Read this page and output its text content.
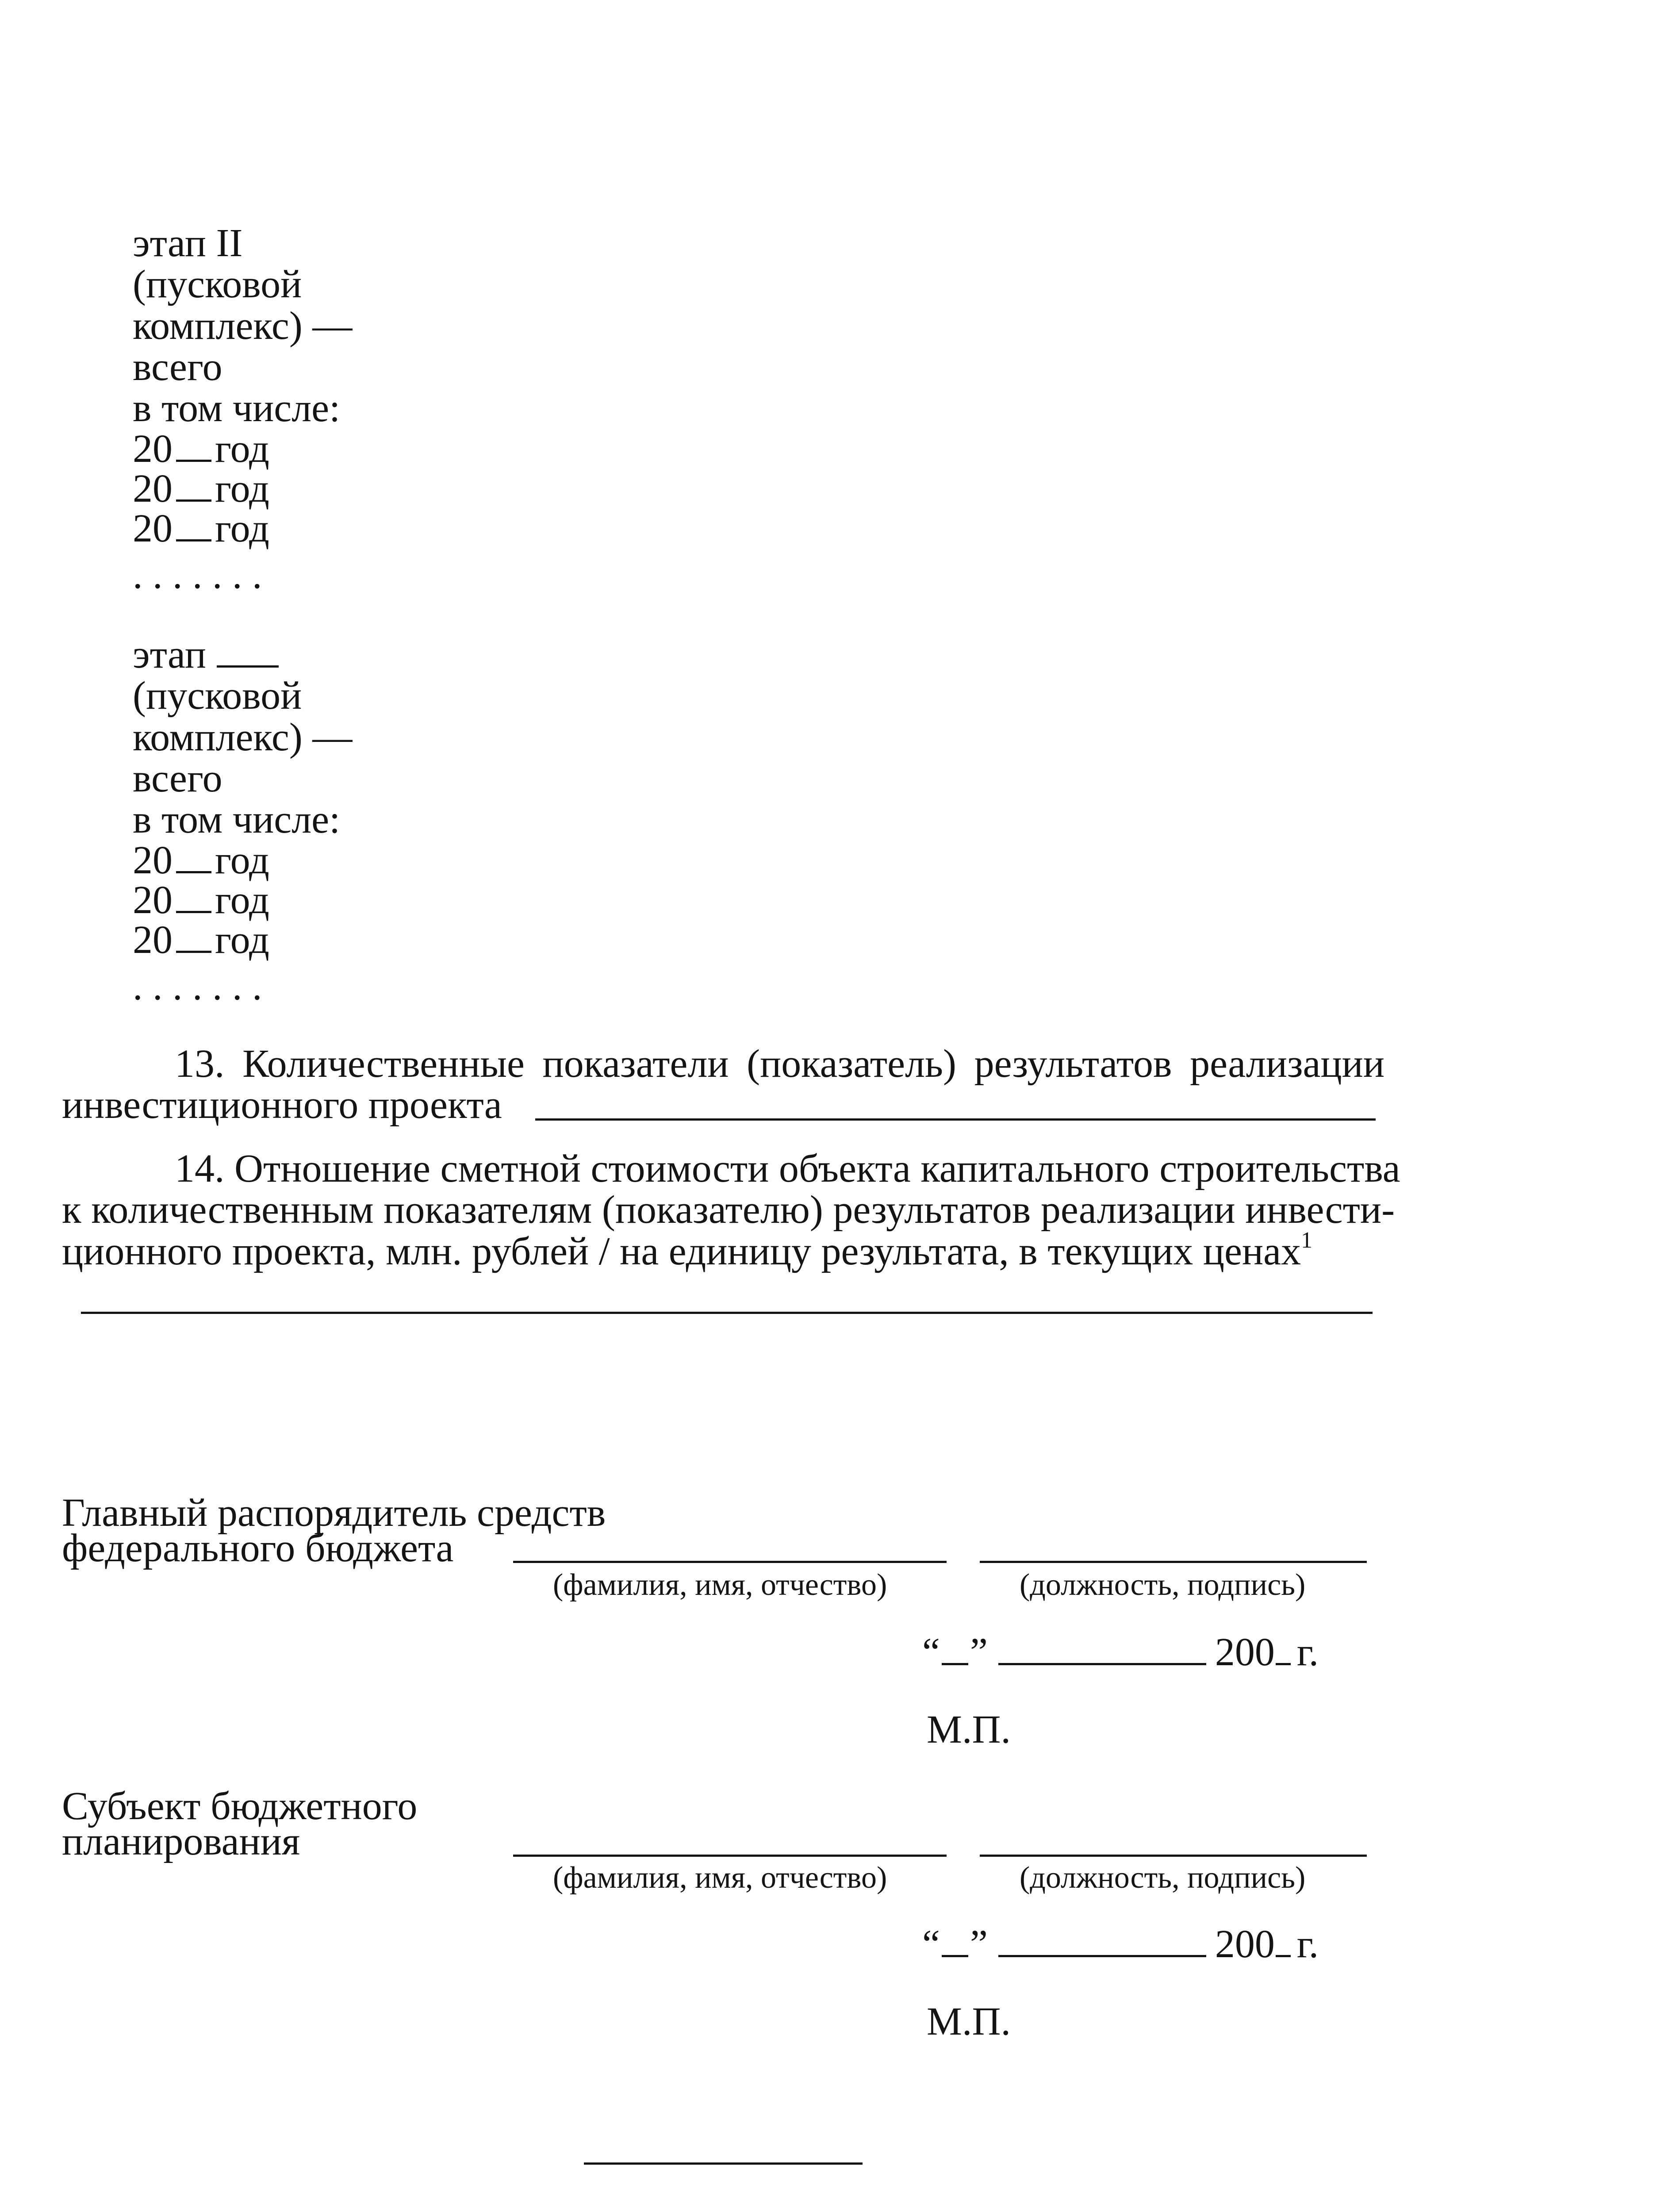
этап II
(пусковой
комплекс) —
всего
в том числе:
20 год
20 год
20 год
. . . . . . .
этап
(пусковой
комплекс) —
всего
в том числе:
20 год
20 год
20 год
. . . . . . .
13. Количественные показатели (показатель) результатов реализации
инвестиционного проекта
14. Отношение сметной стоимости объекта капитального строительства
к количественным показателям (показателю) результатов реализации инвести-
ционного проекта, млн. рублей / на единицу результата, в текущих ценах$^1$
Главный распорядитель средств
федерального бюджета
(фамилия, имя, отчество)	(должность, подпись)
“ ”	200 г.
М.П.
Субъект бюджетного
планирования
(фамилия, имя, отчество)	(должность, подпись)
“ ”	200 г.
М.П.
